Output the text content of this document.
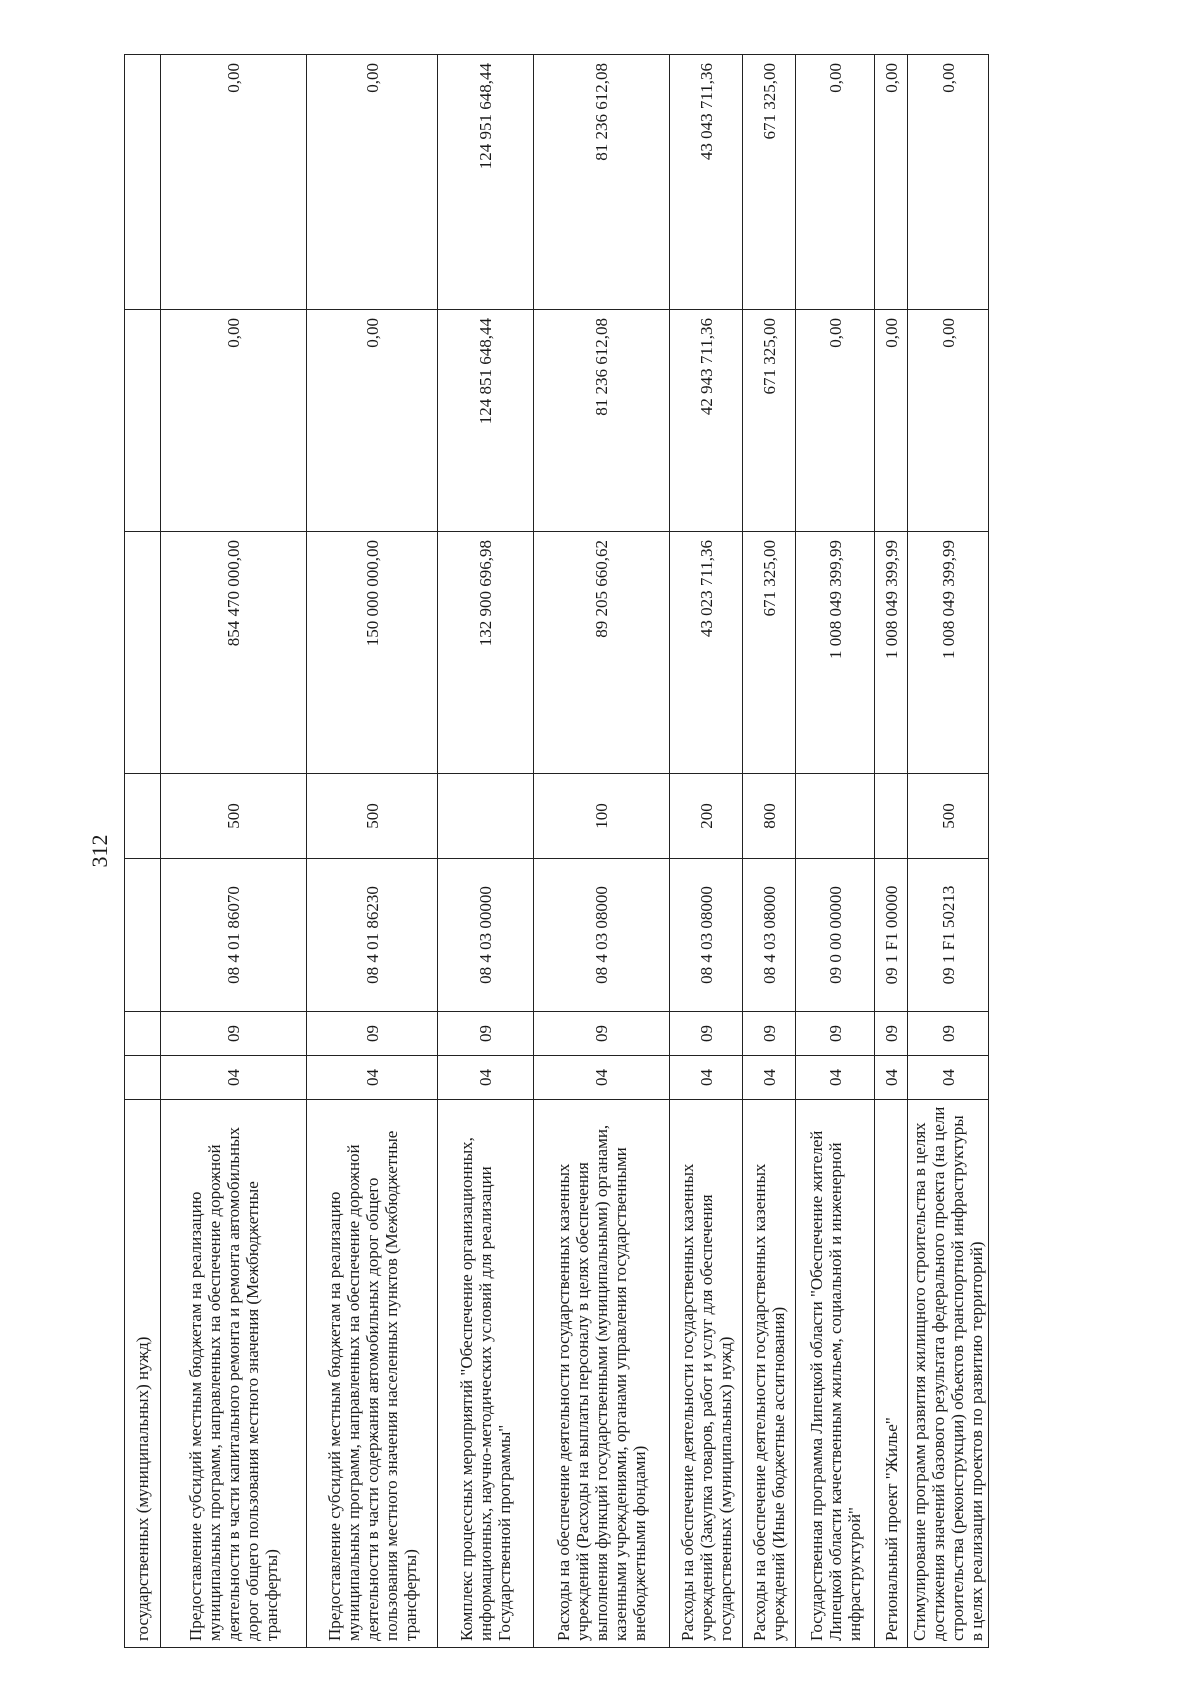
312
государственных (муниципальных) нужд)							
Предоставление субсидий местным бюджетам на реализацию муниципальных программ, направленных на обеспечение дорожной деятельности в части капитального ремонта и ремонта автомобильных дорог общего пользования местного значения (Межбюджетные трансферты)	04	09	08 4 01 86070	500	854 470 000,00	0,00	0,00
Предоставление субсидий местным бюджетам на реализацию муниципальных программ, направленных на обеспечение дорожной деятельности в части содержания автомобильных дорог общего пользования местного значения населенных пунктов (Межбюджетные трансферты)	04	09	08 4 01 86230	500	150 000 000,00	0,00	0,00
Комплекс процессных мероприятий "Обеспечение организационных, информационных, научно-методических условий для реализации Государственной программы"	04	09	08 4 03 00000		132 900 696,98	124 851 648,44	124 951 648,44
Расходы на обеспечение деятельности государственных казенных учреждений (Расходы на выплаты персоналу в целях обеспечения выполнения функций государственными (муниципальными) органами, казенными учреждениями, органами управления государственными внебюджетными фондами)	04	09	08 4 03 08000	100	89 205 660,62	81 236 612,08	81 236 612,08
Расходы на обеспечение деятельности государственных казенных учреждений (Закупка товаров, работ и услуг для обеспечения государственных (муниципальных) нужд)	04	09	08 4 03 08000	200	43 023 711,36	42 943 711,36	43 043 711,36
Расходы на обеспечение деятельности государственных казенных учреждений (Иные бюджетные ассигнования)	04	09	08 4 03 08000	800	671 325,00	671 325,00	671 325,00
Государственная программа Липецкой области "Обеспечение жителей Липецкой области качественным жильем, социальной и инженерной инфраструктурой"	04	09	09 0 00 00000		1 008 049 399,99	0,00	0,00
Региональный проект "Жилье"	04	09	09 1 F1 00000		1 008 049 399,99	0,00	0,00
Стимулирование программ развития жилищного строительства в целях достижения значений базового результата федерального проекта (на цели строительства (реконструкции) объектов транспортной инфраструктуры в целях реализации проектов по развитию территорий)	04	09	09 1 F1 50213	500	1 008 049 399,99	0,00	0,00
